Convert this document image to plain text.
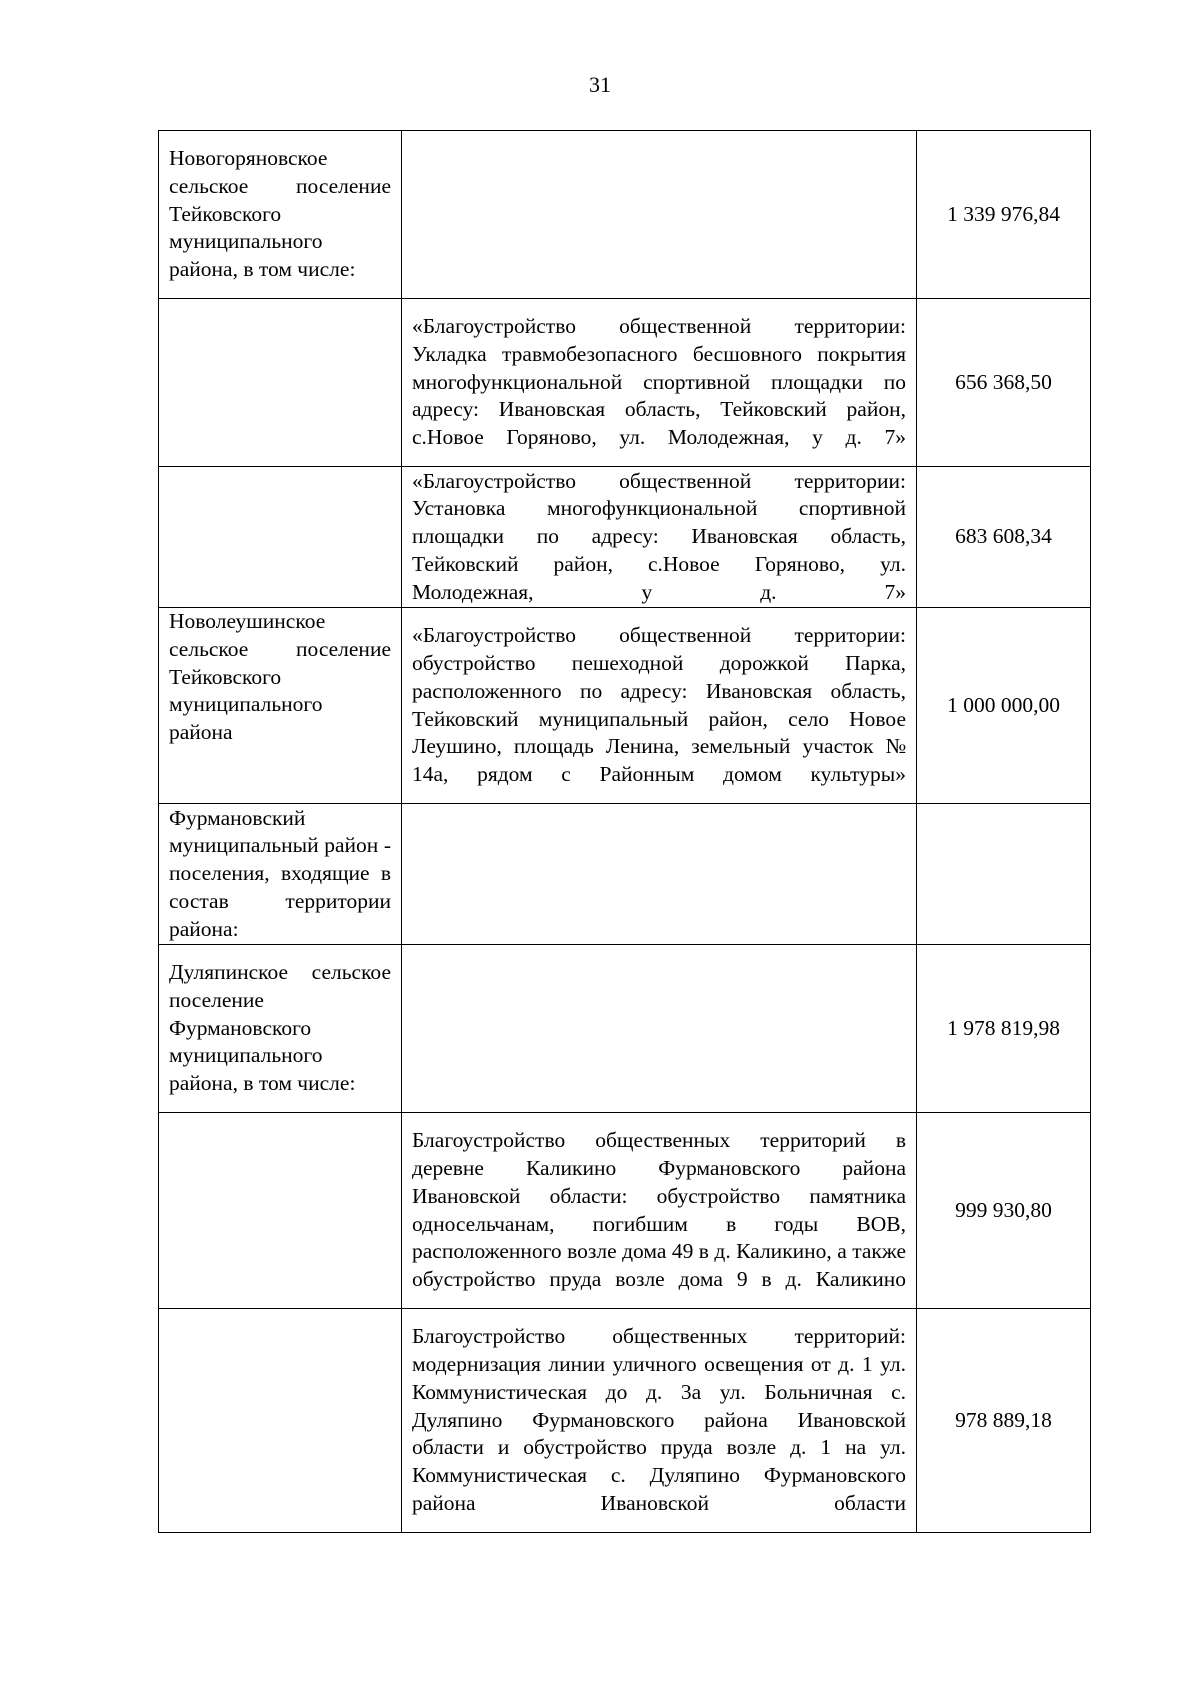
31
Новогоряновское сельское поселение Тейковского муниципального района, в том числе:		1 339 976,84
	«Благоустройство общественной территории: Укладка травмобезопасного бесшовного покрытия многофункциональной спортивной площадки по адресу: Ивановская область, Тейковский район, с.Новое Горяново, ул. Молодежная, у д. 7»	656 368,50
	«Благоустройство общественной территории: Установка многофункциональной спортивной площадки по адресу: Ивановская область, Тейковский район, с.Новое Горяново, ул. Молодежная, у д. 7»	683 608,34
Новолеушинское сельское поселение Тейковского муниципального района	«Благоустройство общественной территории: обустройство пешеходной дорожкой Парка, расположенного по адресу: Ивановская область, Тейковский муниципальный район, село Новое Леушино, площадь Ленина, земельный участок № 14а, рядом с Районным домом культуры»	1 000 000,00
Фурмановский муниципальный район - поселения, входящие в состав территории района:		
Дуляпинское сельское поселение Фурмановского муниципального района, в том числе:		1 978 819,98
	Благоустройство общественных территорий в деревне Каликино Фурмановского района Ивановской области: обустройство памятника односельчанам, погибшим в годы ВОВ, расположенного возле дома 49 в д. Каликино, а также обустройство пруда возле дома 9 в д. Каликино	999 930,80
	Благоустройство общественных территорий: модернизация линии уличного освещения от д. 1 ул. Коммунистическая до д. 3а ул. Больничная с. Дуляпино Фурмановского района Ивановской области и обустройство пруда возле д. 1 на ул. Коммунистическая с. Дуляпино Фурмановского района Ивановской области	978 889,18
